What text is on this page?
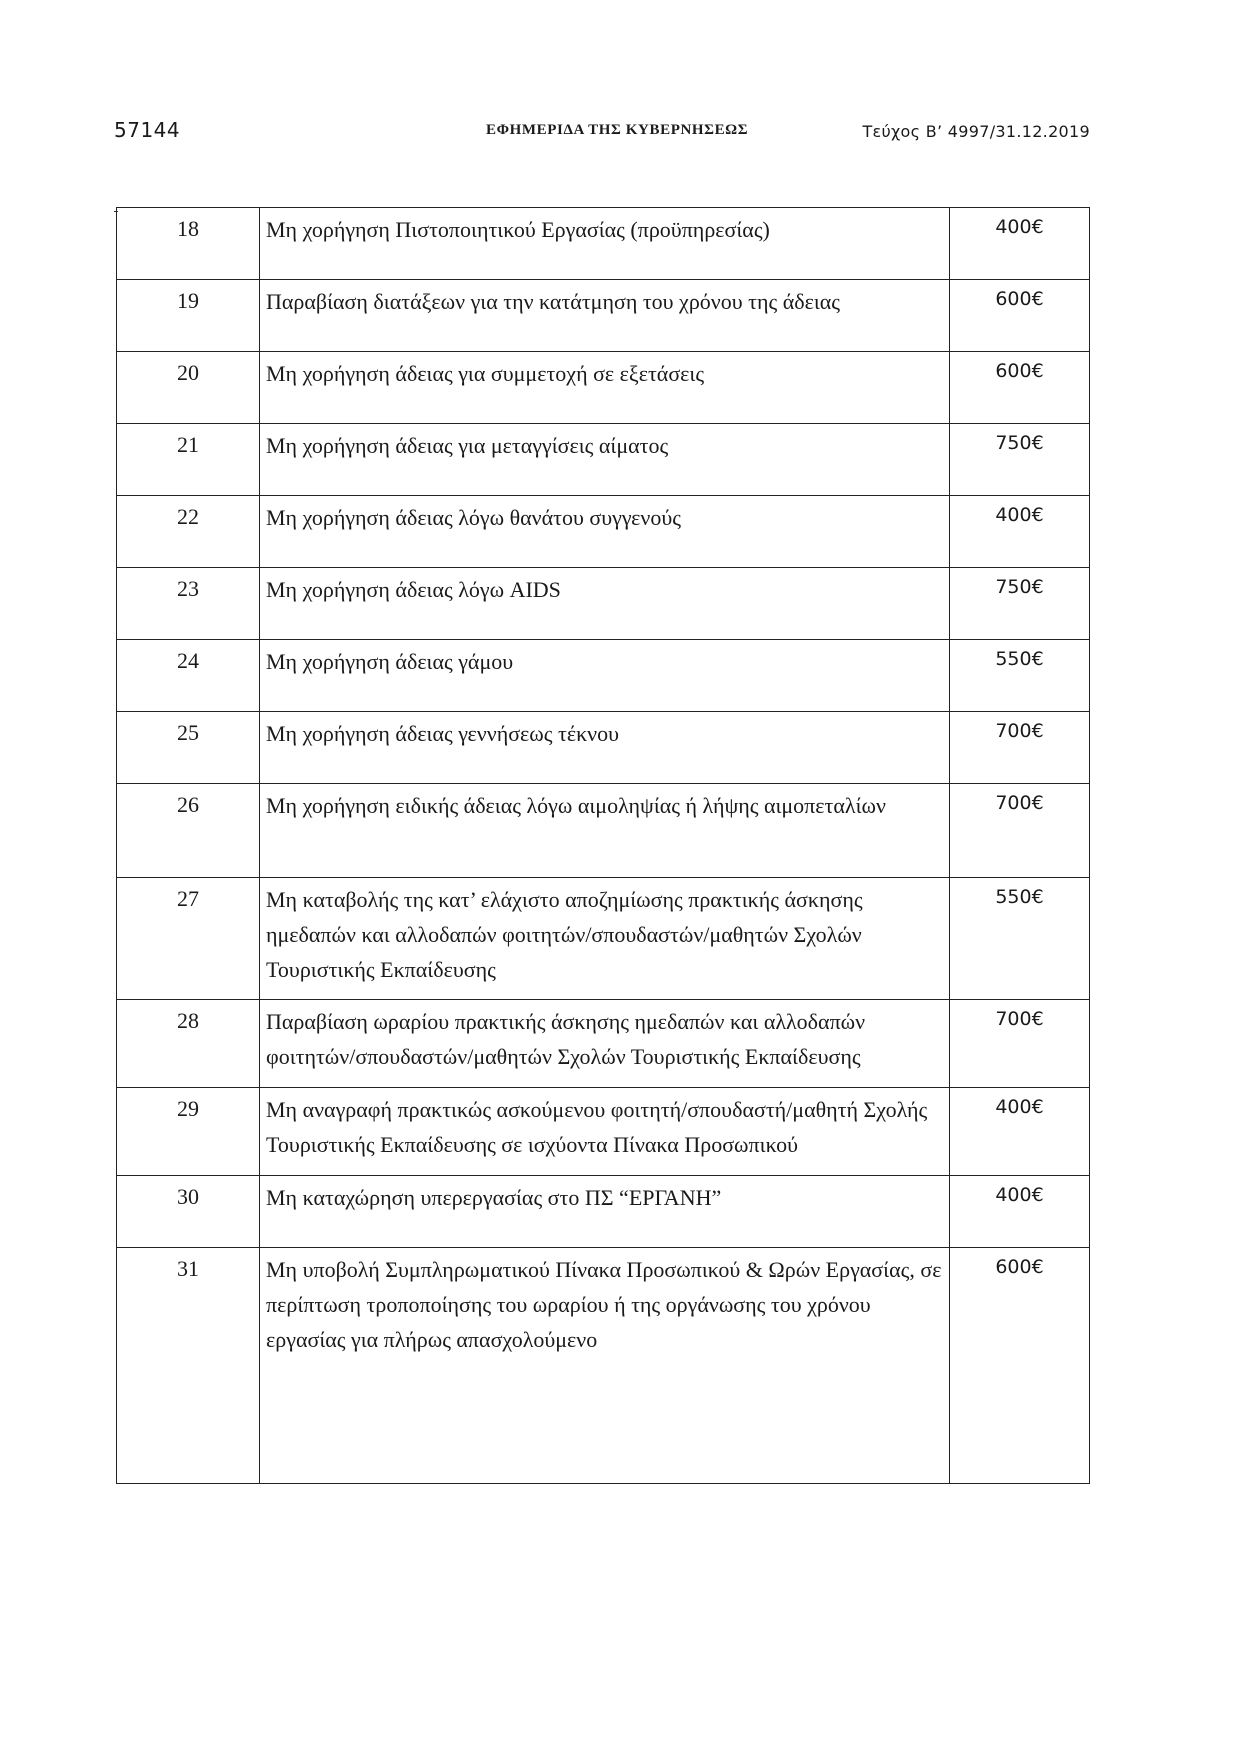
57144	ΕΦΗΜΕΡΙΔΑ ΤΗΣ ΚΥΒΕΡΝΗΣΕΩΣ	Τεύχος Β’ 4997/31.12.2019
18	Μη χορήγηση Πιστοποιητικού Εργασίας (προϋπηρεσίας)	400€
19	Παραβίαση διατάξεων για την κατάτμηση του χρόνου της άδειας	600€
20	Μη χορήγηση άδειας για συμμετοχή σε εξετάσεις	600€
21	Μη χορήγηση άδειας για μεταγγίσεις αίματος	750€
22	Μη χορήγηση άδειας λόγω θανάτου συγγενούς	400€
23	Μη χορήγηση άδειας λόγω AIDS	750€
24	Μη χορήγηση άδειας γάμου	550€
25	Μη χορήγηση άδειας γεννήσεως τέκνου	700€
26	Μη χορήγηση ειδικής άδειας λόγω αιμοληψίας ή λήψης αιμοπεταλίων	700€
27	Μη καταβολής της κατ’ ελάχιστο αποζημίωσης πρακτικής άσκησης ημεδαπών και αλλοδαπών φοιτητών/σπουδαστών/μαθητών Σχολών Τουριστικής Εκπαίδευσης	550€
28	Παραβίαση ωραρίου πρακτικής άσκησης ημεδαπών και αλλοδαπών φοιτητών/σπουδαστών/μαθητών Σχολών Τουριστικής Εκπαίδευσης	700€
29	Μη αναγραφή πρακτικώς ασκούμενου φοιτητή/σπουδαστή/μαθητή Σχολής Τουριστικής Εκπαίδευσης σε ισχύοντα Πίνακα Προσωπικού	400€
30	Μη καταχώρηση υπερεργασίας στο ΠΣ “ΕΡΓΑΝΗ”	400€
31	Μη υποβολή Συμπληρωματικού Πίνακα Προσωπικού & Ωρών Εργασίας, σε περίπτωση τροποποίησης του ωραρίου ή της οργάνωσης του χρόνου εργασίας για πλήρως απασχολούμενο	600€
